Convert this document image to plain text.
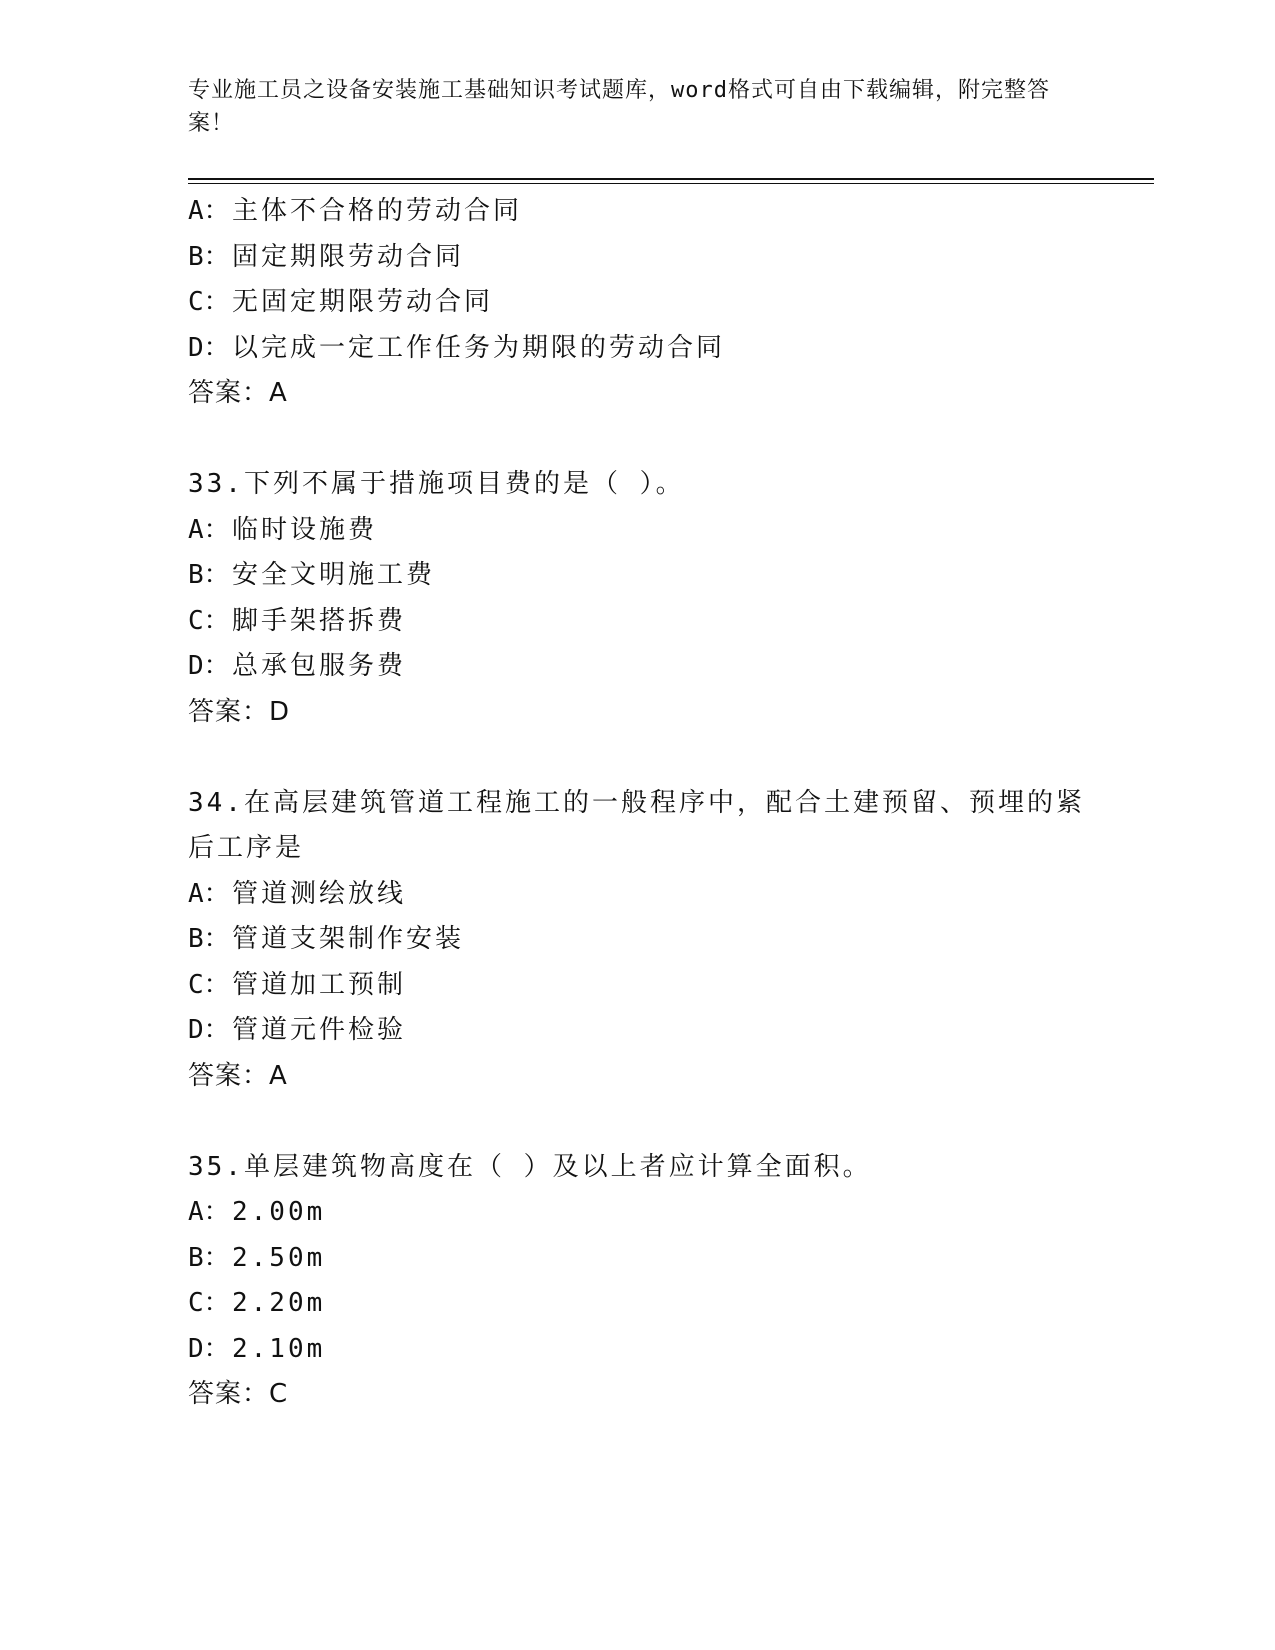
专业施工员之设备安装施工基础知识考试题库，word格式可自由下载编辑，附完整答案！
A：主体不合格的劳动合同
B：固定期限劳动合同
C：无固定期限劳动合同
D：以完成一定工作任务为期限的劳动合同
答案：A
33.下列不属于措施项目费的是（ ）。
A：临时设施费
B：安全文明施工费
C：脚手架搭拆费
D：总承包服务费
答案：D
34.在高层建筑管道工程施工的一般程序中，配合土建预留、预埋的紧
后工序是
A：管道测绘放线
B：管道支架制作安装
C：管道加工预制
D：管道元件检验
答案：A
35.单层建筑物高度在（ ）及以上者应计算全面积。
A：2.00m
B：2.50m
C：2.20m
D：2.10m
答案：C
